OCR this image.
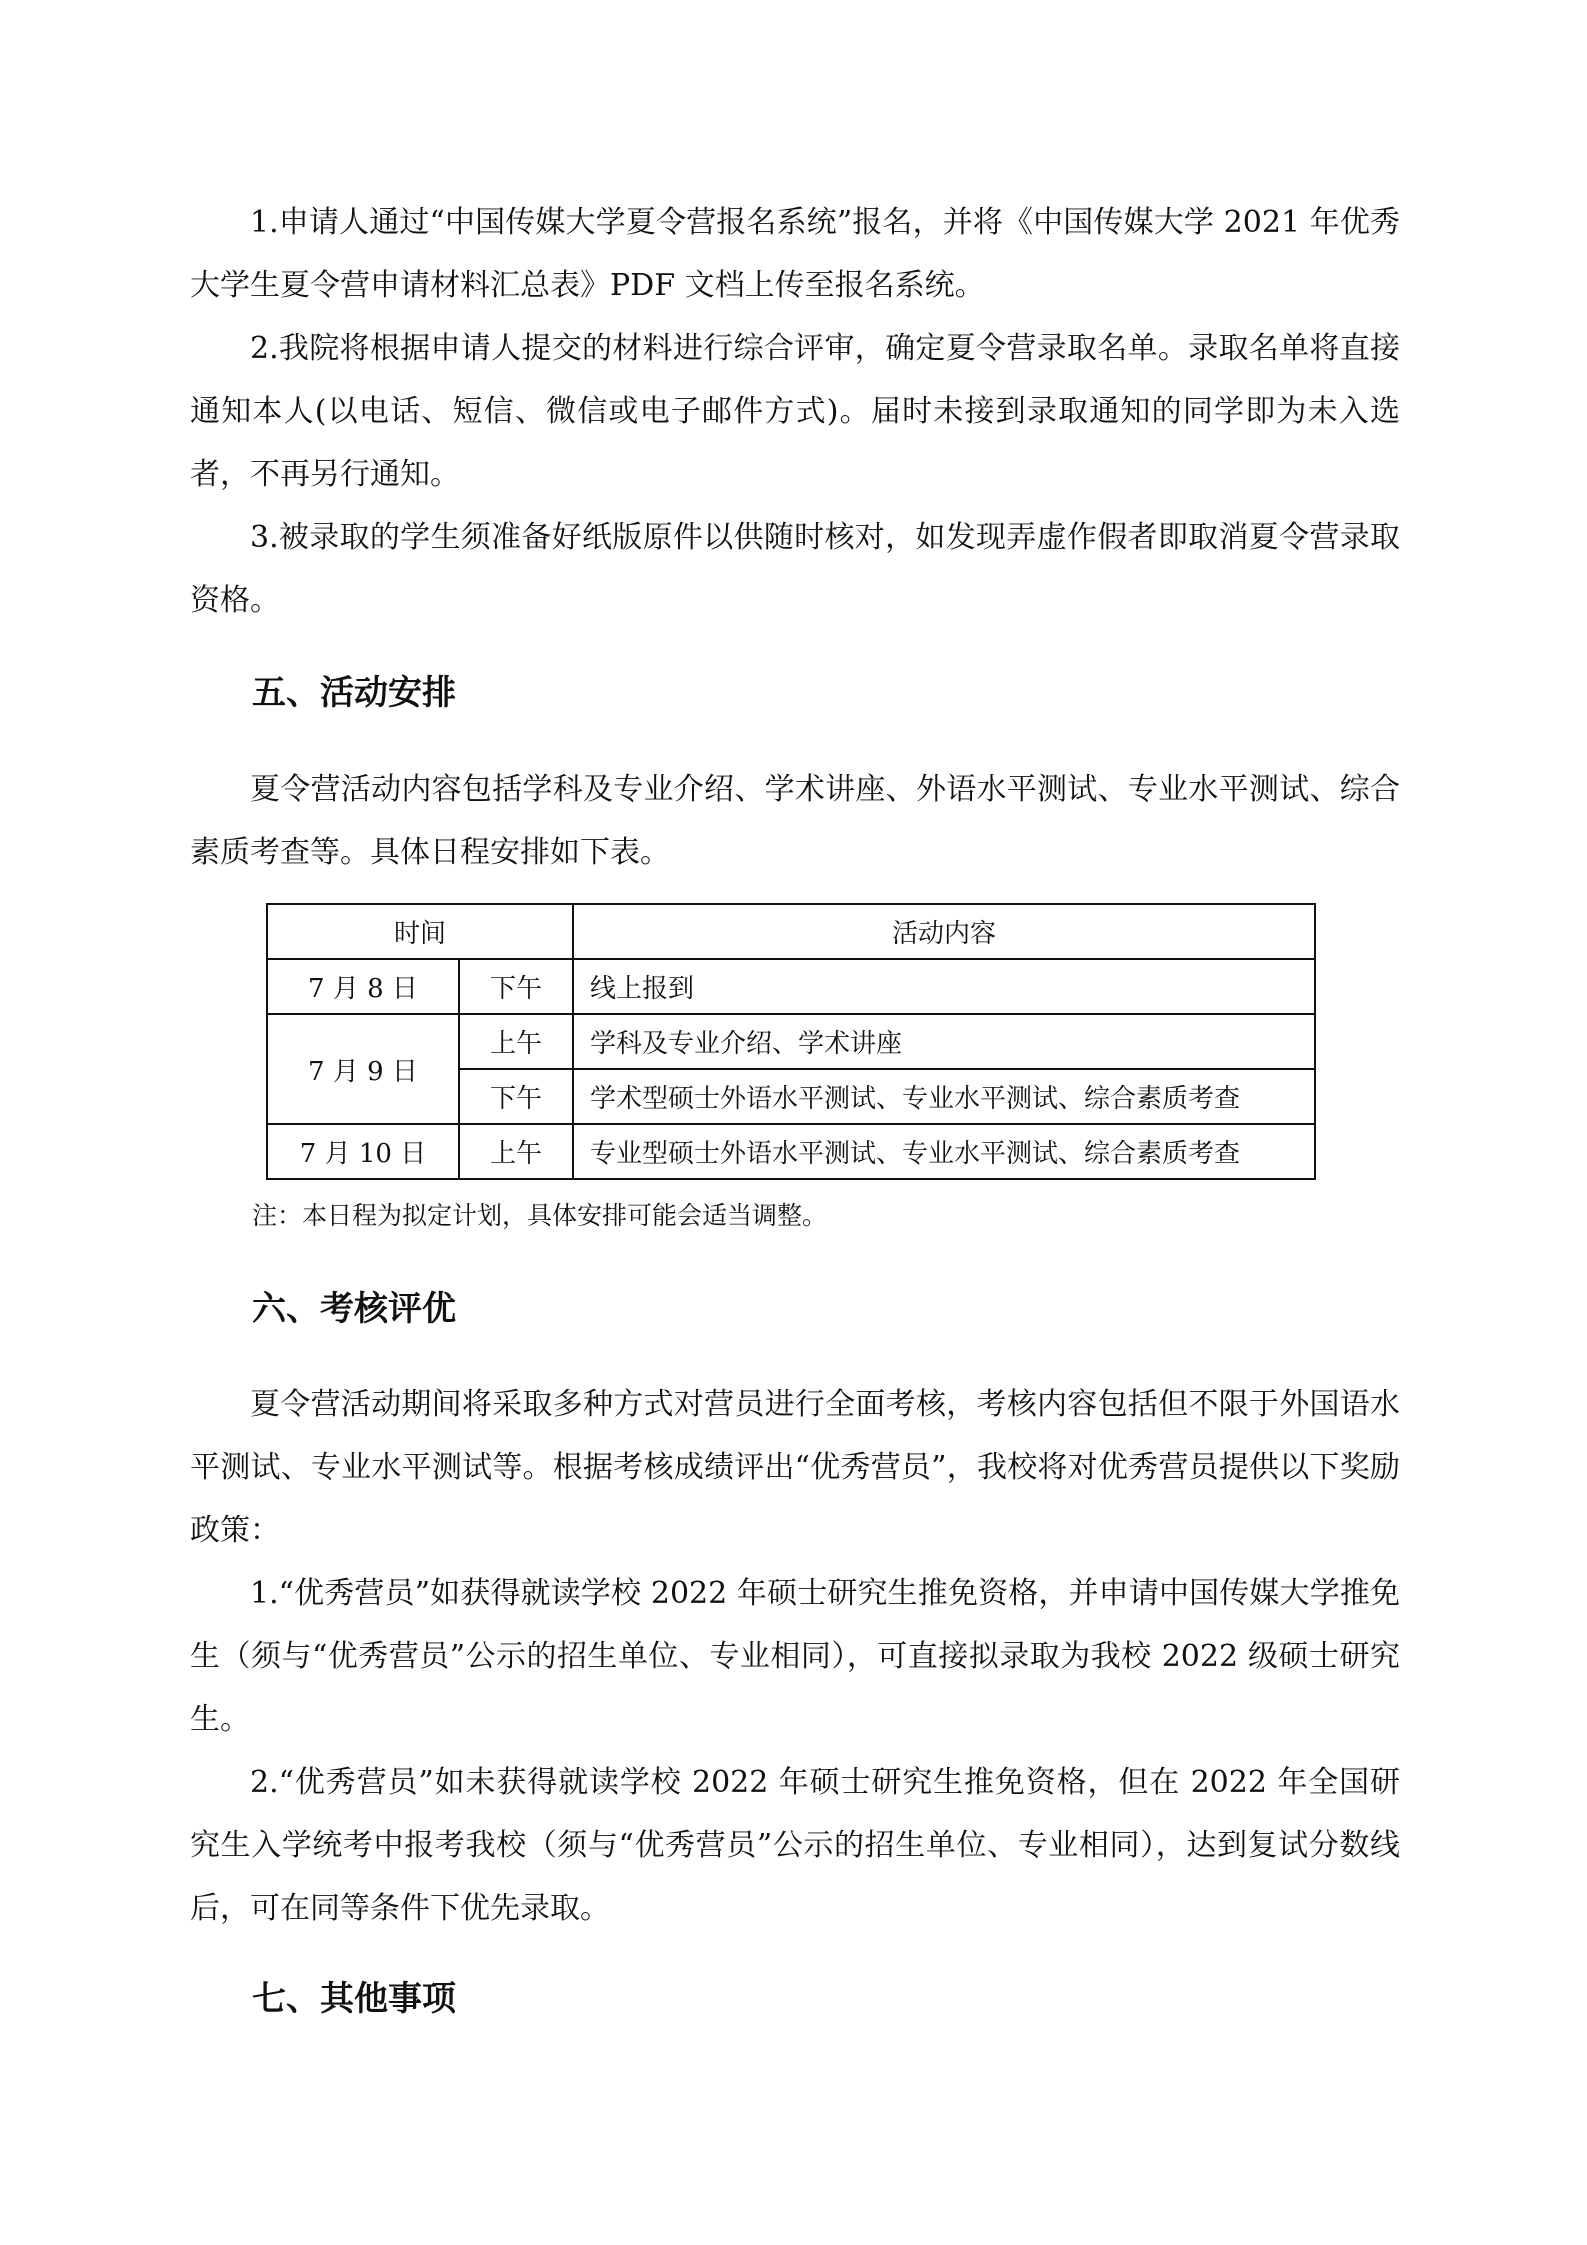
1.申请人通过“中国传媒大学夏令营报名系统”报名，并将《中国传媒大学 2021 年优秀大学生夏令营申请材料汇总表》PDF 文档上传至报名系统。

2.我院将根据申请人提交的材料进行综合评审，确定夏令营录取名单。录取名单将直接通知本人(以电话、短信、微信或电子邮件方式)。届时未接到录取通知的同学即为未入选者，不再另行通知。

3.被录取的学生须准备好纸版原件以供随时核对，如发现弄虚作假者即取消夏令营录取资格。

五、活动安排

夏令营活动内容包括学科及专业介绍、学术讲座、外语水平测试、专业水平测试、综合素质考查等。具体日程安排如下表。

时间		活动内容
7 月 8 日	下午	线上报到
7 月 9 日	上午	学科及专业介绍、学术讲座
	下午	学术型硕士外语水平测试、专业水平测试、综合素质考查
7 月 10 日	上午	专业型硕士外语水平测试、专业水平测试、综合素质考查

注：本日程为拟定计划，具体安排可能会适当调整。

六、考核评优

夏令营活动期间将采取多种方式对营员进行全面考核，考核内容包括但不限于外国语水平测试、专业水平测试等。根据考核成绩评出“优秀营员”，我校将对优秀营员提供以下奖励政策：

1.“优秀营员”如获得就读学校 2022 年硕士研究生推免资格，并申请中国传媒大学推免生（须与“优秀营员”公示的招生单位、专业相同），可直接拟录取为我校 2022 级硕士研究生。

2.“优秀营员”如未获得就读学校 2022 年硕士研究生推免资格，但在 2022 年全国研究生入学统考中报考我校（须与“优秀营员”公示的招生单位、专业相同），达到复试分数线后，可在同等条件下优先录取。

七、其他事项
